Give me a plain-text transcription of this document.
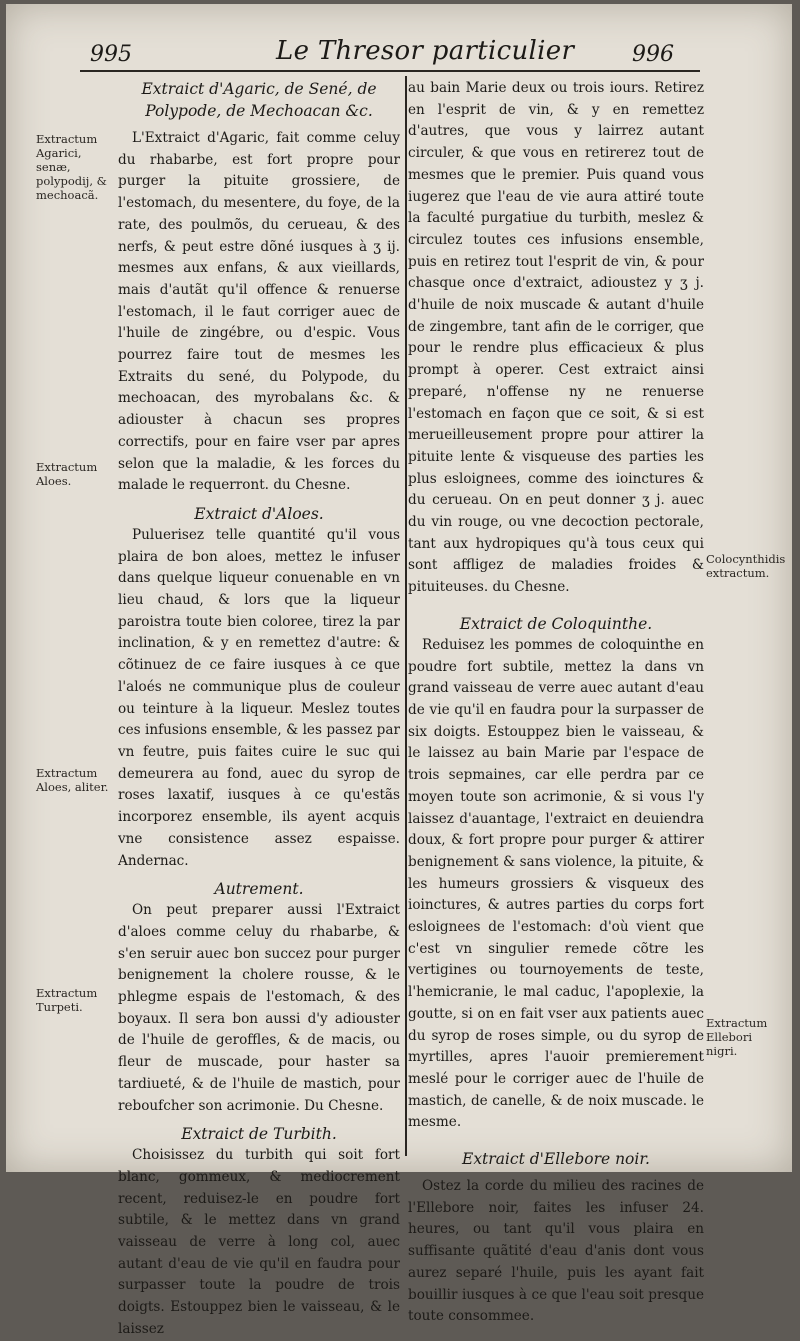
995	Le Thresor particulier	996

Extraict d'Agaric, de Sené, de Polypode, de Mechoacan &c.

L'Extraict d'Agaric, fait comme celuy du rhabarbe, est fort propre pour purger la pituite grossiere, de l'estomach, du mesentere, du foye, de la rate, des poulmõs, du cerueau, & des nerfs, & peut estre dõné iusques à ʒ ij. mesmes aux enfans, & aux vieillards, mais d'autãt qu'il offence & renuerse l'estomach, il le faut corriger auec de l'huile de zingébre, ou d'espic. Vous pourrez faire tout de mesmes les Extraits du sené, du Polypode, du mechoacan, des myrobalans &c. & adiouster à chacun ses propres correctifs, pour en faire vser par apres selon que la maladie, & les forces du malade le requerront. du Chesne.

Extraict d'Aloes.

Puluerisez telle quantité qu'il vous plaira de bon aloes, mettez le infuser dans quelque liqueur conuenable en vn lieu chaud, & lors que la liqueur paroistra toute bien coloree, tirez la par inclination, & y en remettez d'autre: & cõtinuez de ce faire iusques à ce que l'aloés ne communique plus de couleur ou teinture à la liqueur. Meslez toutes ces infusions ensemble, & les passez par vn feutre, puis faites cuire le suc qui demeurera au fond, auec du syrop de roses laxatif, iusques à ce qu'estãs incorporez ensemble, ils ayent acquis vne consistence assez espaisse. Andernac.

Autrement.

On peut preparer aussi l'Extraict d'aloes comme celuy du rhabarbe, & s'en seruir auec bon succez pour purger benignement la cholere rousse, & le phlegme espais de l'estomach, & des boyaux. Il sera bon aussi d'y adiouster de l'huile de geroffles, & de macis, ou fleur de muscade, pour haster sa tardiueté, & de l'huile de mastich, pour reboufcher son acrimonie. Du Chesne.

Extraict de Turbith.

Choisissez du turbith qui soit fort blanc, gommeux, & mediocrement recent, reduisez-le en poudre fort subtile, & le mettez dans vn grand vaisseau de verre à long col, auec autant d'eau de vie qu'il en faudra pour surpasser toute la poudre de trois doigts. Estouppez bien le vaisseau, & le laissez

au bain Marie deux ou trois iours. Retirez en l'esprit de vin, & y en remettez d'autres, que vous y lairrez autant circuler, & que vous en retirerez tout de mesmes que le premier. Puis quand vous iugerez que l'eau de vie aura attiré toute la faculté purgatiue du turbith, meslez & circulez toutes ces infusions ensemble, puis en retirez tout l'esprit de vin, & pour chasque once d'extraict, adioustez y ʒ j. d'huile de noix muscade & autant d'huile de zingembre, tant afin de le corriger, que pour le rendre plus efficacieux & plus prompt à operer. Cest extraict ainsi preparé, n'offense ny ne renuerse l'estomach en façon que ce soit, & si est merueilleusement propre pour attirer la pituite lente & visqueuse des parties les plus esloignees, comme des ioinctures & du cerueau. On en peut donner ʒ j. auec du vin rouge, ou vne decoction pectorale, tant aux hydropiques qu'à tous ceux qui sont affligez de maladies froides & pituiteuses. du Chesne.

Extraict de Coloquinthe.

Reduisez les pommes de coloquinthe en poudre fort subtile, mettez la dans vn grand vaisseau de verre auec autant d'eau de vie qu'il en faudra pour la surpasser de six doigts. Estouppez bien le vaisseau, & le laissez au bain Marie par l'espace de trois sepmaines, car elle perdra par ce moyen toute son acrimonie, & si vous l'y laissez d'auantage, l'extraict en deuiendra doux, & fort propre pour purger & attirer benignement & sans violence, la pituite, & les humeurs grossiers & visqueux des ioinctures, & autres parties du corps fort esloignees de l'estomach: d'où vient que c'est vn singulier remede cõtre les vertigines ou tournoyements de teste, l'hemicranie, le mal caduc, l'apoplexie, la goutte, si on en fait vser aux patients auec du syrop de roses simple, ou du syrop de myrtilles, apres l'auoir premierement meslé pour le corriger auec de l'huile de mastich, de canelle, & de noix muscade. le mesme.

Extraict d'Ellebore noir.

Ostez la corde du milieu des racines de l'Ellebore noir, faites les infuser 24. heures, ou tant qu'il vous plaira en suffisante quãtité d'eau d'anis dont vous aurez separé l'huile, puis les ayant fait bouillir iusques à ce que l'eau soit presque toute consommee.

Extractum Agarici, senæ, polypodij, & mechoacã.
Extractum Aloes.
Extractum Aloes, aliter.
Extractum Turpeti.
Colocynthidis extractum.
Extractum Ellebori nigri.
